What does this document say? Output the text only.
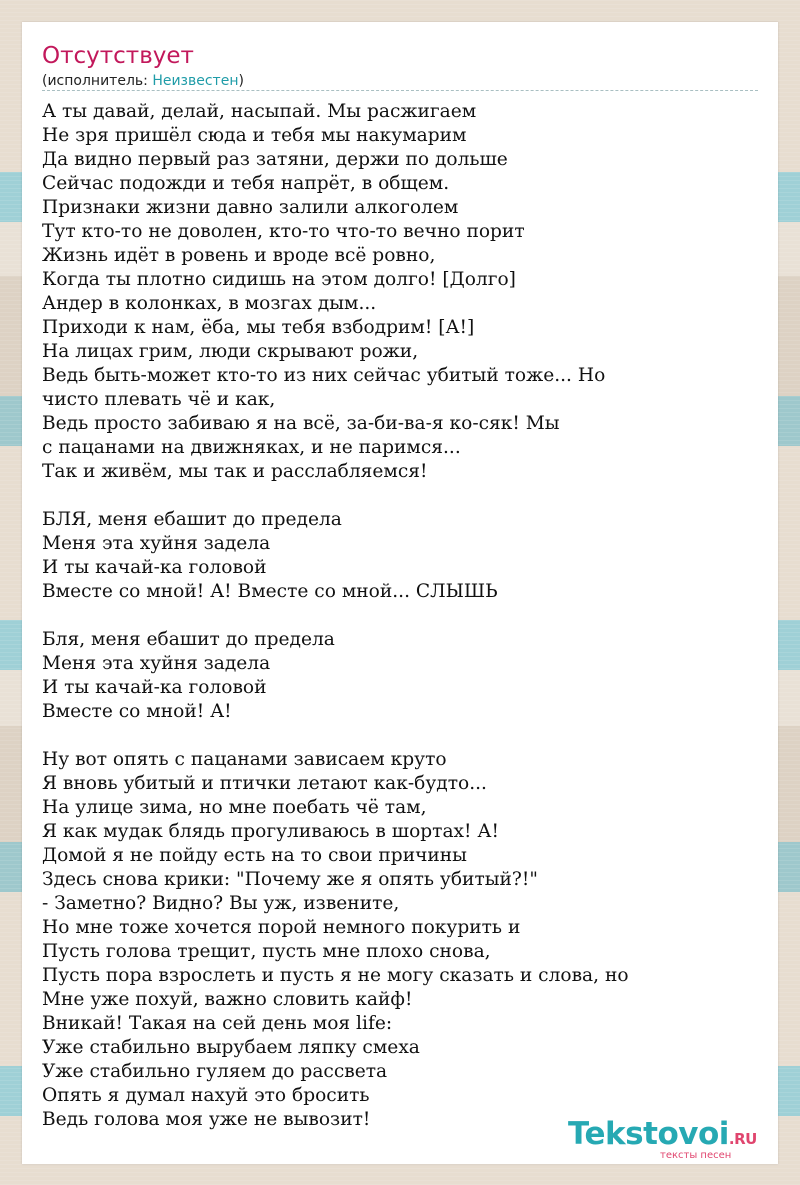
Отсутствует
(исполнитель: Неизвестен)
А ты давай, делай, насыпай. Мы расжигаем
Не зря пришёл сюда и тебя мы накумарим
Да видно первый раз затяни, держи по дольше
Сейчас подожди и тебя напрёт, в общем.
Признаки жизни давно залили алкоголем
Тут кто-то не доволен, кто-то что-то вечно порит
Жизнь идёт в ровень и вроде всё ровно,
Когда ты плотно сидишь на этом долго! [Долго]
Андер в колонках, в мозгах дым...
Приходи к нам, ёба, мы тебя взбодрим! [А!]
На лицах грим, люди скрывают рожи,
Ведь быть-может кто-то из них сейчас убитый тоже... Но
чисто плевать чё и как,
Ведь просто забиваю я на всё, за-би-ва-я ко-сяк! Мы
с пацанами на движняках, и не паримся...
Так и живём, мы так и расслабляемся!
БЛЯ, меня ебашит до предела
Меня эта хуйня задела
И ты качай-ка головой
Вместе со мной! А! Вместе со мной... СЛЫШЬ
Бля, меня ебашит до предела
Меня эта хуйня задела
И ты качай-ка головой
Вместе со мной! А!
Ну вот опять с пацанами зависаем круто
Я вновь убитый и птички летают как-будто...
На улице зима, но мне поебать чё там,
Я как мудак блядь прогуливаюсь в шортах! А!
Домой я не пойду есть на то свои причины
Здесь снова крики: "Почему же я опять убитый?!"
- Заметно? Видно? Вы уж, извените,
Но мне тоже хочется порой немного покурить и
Пусть голова трещит, пусть мне плохо снова,
Пусть пора взрослеть и пусть я не могу сказать и слова, но
Мне уже похуй, важно словить кайф!
Вникай! Такая на сей день моя life:
Уже стабильно вырубаем ляпку смеха
Уже стабильно гуляем до рассвета
Опять я думал нахуй это бросить
Ведь голова моя уже не вывозит!	Tekstovoi.RU
тексты песен
